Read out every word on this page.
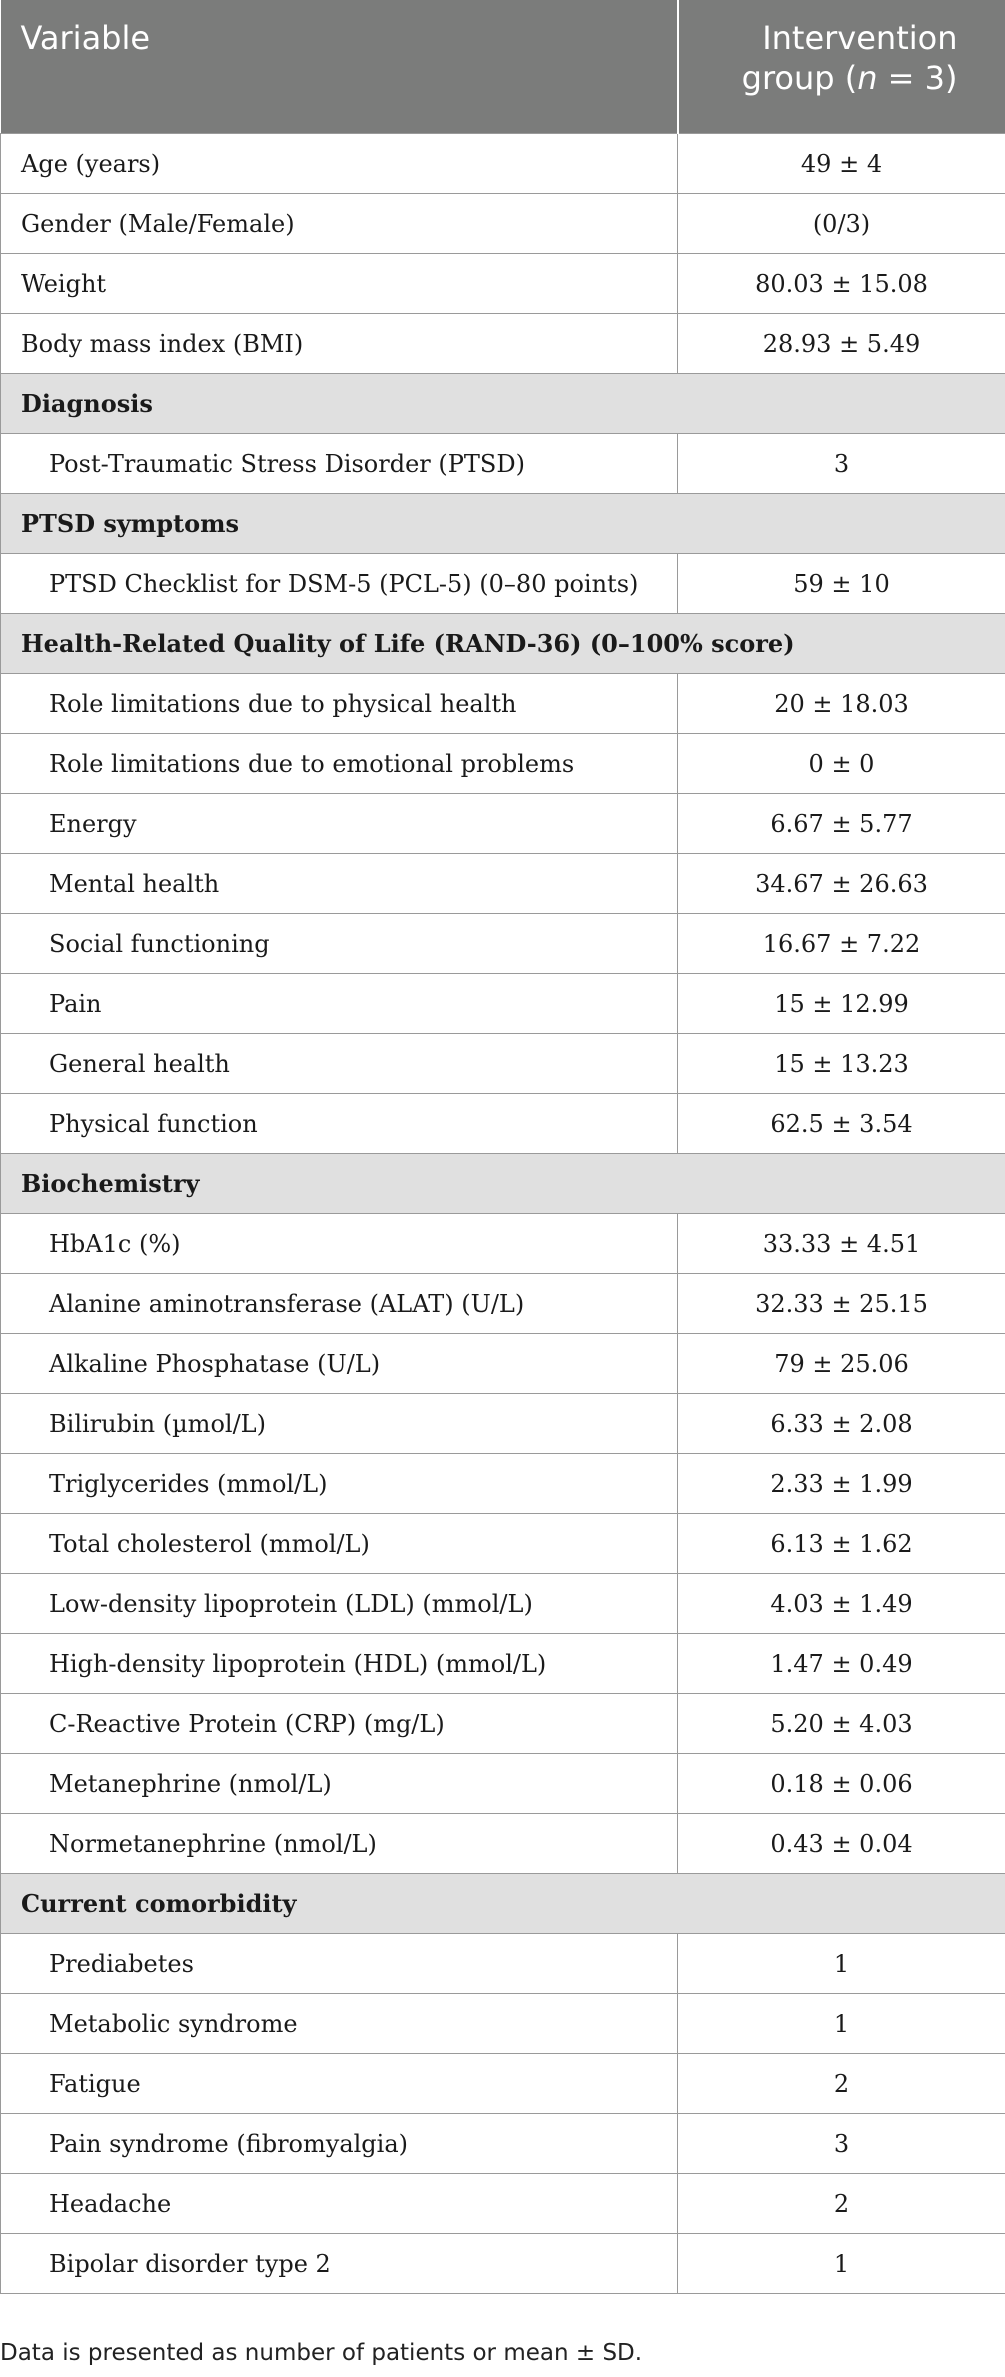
Variable	Intervention
group (n = 3)
Age (years)	49 ± 4
Gender (Male/Female)	(0/3)
Weight	80.03 ± 15.08
Body mass index (BMI)	28.93 ± 5.49
Diagnosis	
Post-Traumatic Stress Disorder (PTSD)	3
PTSD symptoms	
PTSD Checklist for DSM-5 (PCL-5) (0–80 points)	59 ± 10
Health-Related Quality of Life (RAND-36) (0–100% score)	
Role limitations due to physical health	20 ± 18.03
Role limitations due to emotional problems	0 ± 0
Energy	6.67 ± 5.77
Mental health	34.67 ± 26.63
Social functioning	16.67 ± 7.22
Pain	15 ± 12.99
General health	15 ± 13.23
Physical function	62.5 ± 3.54
Biochemistry	
HbA1c (%)	33.33 ± 4.51
Alanine aminotransferase (ALAT) (U/L)	32.33 ± 25.15
Alkaline Phosphatase (U/L)	79 ± 25.06
Bilirubin (µmol/L)	6.33 ± 2.08
Triglycerides (mmol/L)	2.33 ± 1.99
Total cholesterol (mmol/L)	6.13 ± 1.62
Low-density lipoprotein (LDL) (mmol/L)	4.03 ± 1.49
High-density lipoprotein (HDL) (mmol/L)	1.47 ± 0.49
C-Reactive Protein (CRP) (mg/L)	5.20 ± 4.03
Metanephrine (nmol/L)	0.18 ± 0.06
Normetanephrine (nmol/L)	0.43 ± 0.04
Current comorbidity	
Prediabetes	1
Metabolic syndrome	1
Fatigue	2
Pain syndrome (fibromyalgia)	3
Headache	2
Bipolar disorder type 2	1
Data is presented as number of patients or mean ± SD.
